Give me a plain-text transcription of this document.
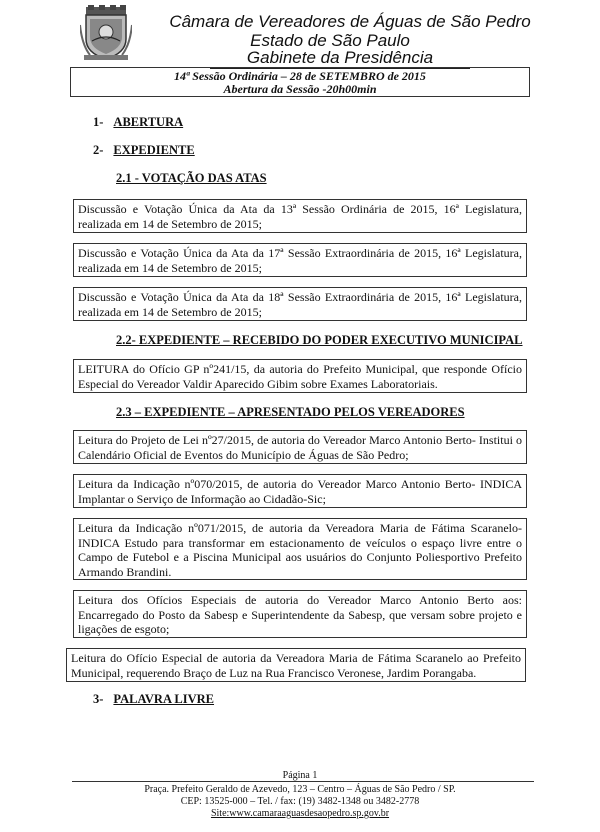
Câmara de Vereadores de Águas de São Pedro
Estado de São Paulo
Gabinete da Presidência
14ª Sessão Ordinária – 28 de SETEMBRO de 2015
Abertura da Sessão -20h00min
1- ABERTURA
2- EXPEDIENTE
2.1 - VOTAÇÃO DAS ATAS
Discussão e Votação Única da Ata da 13ª Sessão Ordinária de 2015, 16ª Legislatura, realizada em 14 de Setembro de 2015;
Discussão e Votação Única da Ata da 17ª Sessão Extraordinária de 2015, 16ª Legislatura, realizada em 14 de Setembro de 2015;
Discussão e Votação Única da Ata da 18ª Sessão Extraordinária de 2015, 16ª Legislatura, realizada em 14 de Setembro de 2015;
2.2- EXPEDIENTE – RECEBIDO DO PODER EXECUTIVO MUNICIPAL
LEITURA do Ofício GP nº241/15, da autoria do Prefeito Municipal, que responde Ofício Especial do Vereador Valdir Aparecido Gibim sobre Exames Laboratoriais.
2.3 – EXPEDIENTE – APRESENTADO PELOS VEREADORES
Leitura do Projeto de Lei nº27/2015, de autoria do Vereador Marco Antonio Berto- Institui o Calendário Oficial de Eventos do Município de Águas de São Pedro;
Leitura da Indicação nº070/2015, de autoria do Vereador Marco Antonio Berto- INDICA Implantar o Serviço de Informação ao Cidadão-Sic;
Leitura da Indicação nº071/2015, de autoria da Vereadora Maria de Fátima Scaranelo- INDICA Estudo para transformar em estacionamento de veículos o espaço livre entre o Campo de Futebol e a Piscina Municipal aos usuários do Conjunto Poliesportivo Prefeito Armando Brandini.
Leitura dos Ofícios Especiais de autoria do Vereador Marco Antonio Berto aos: Encarregado do Posto da Sabesp e Superintendente da Sabesp, que versam sobre projeto e ligações de esgoto;
Leitura do Ofício Especial de autoria da Vereadora Maria de Fátima Scaranelo ao Prefeito Municipal, requerendo Braço de Luz na Rua Francisco Veronese, Jardim Porangaba.
3- PALAVRA LIVRE
Página 1
Praça. Prefeito Geraldo de Azevedo, 123 – Centro – Águas de São Pedro / SP.
CEP: 13525-000 – Tel. / fax: (19) 3482-1348 ou 3482-2778
Site:www.camaraaguasdesaopedro.sp.gov.br
